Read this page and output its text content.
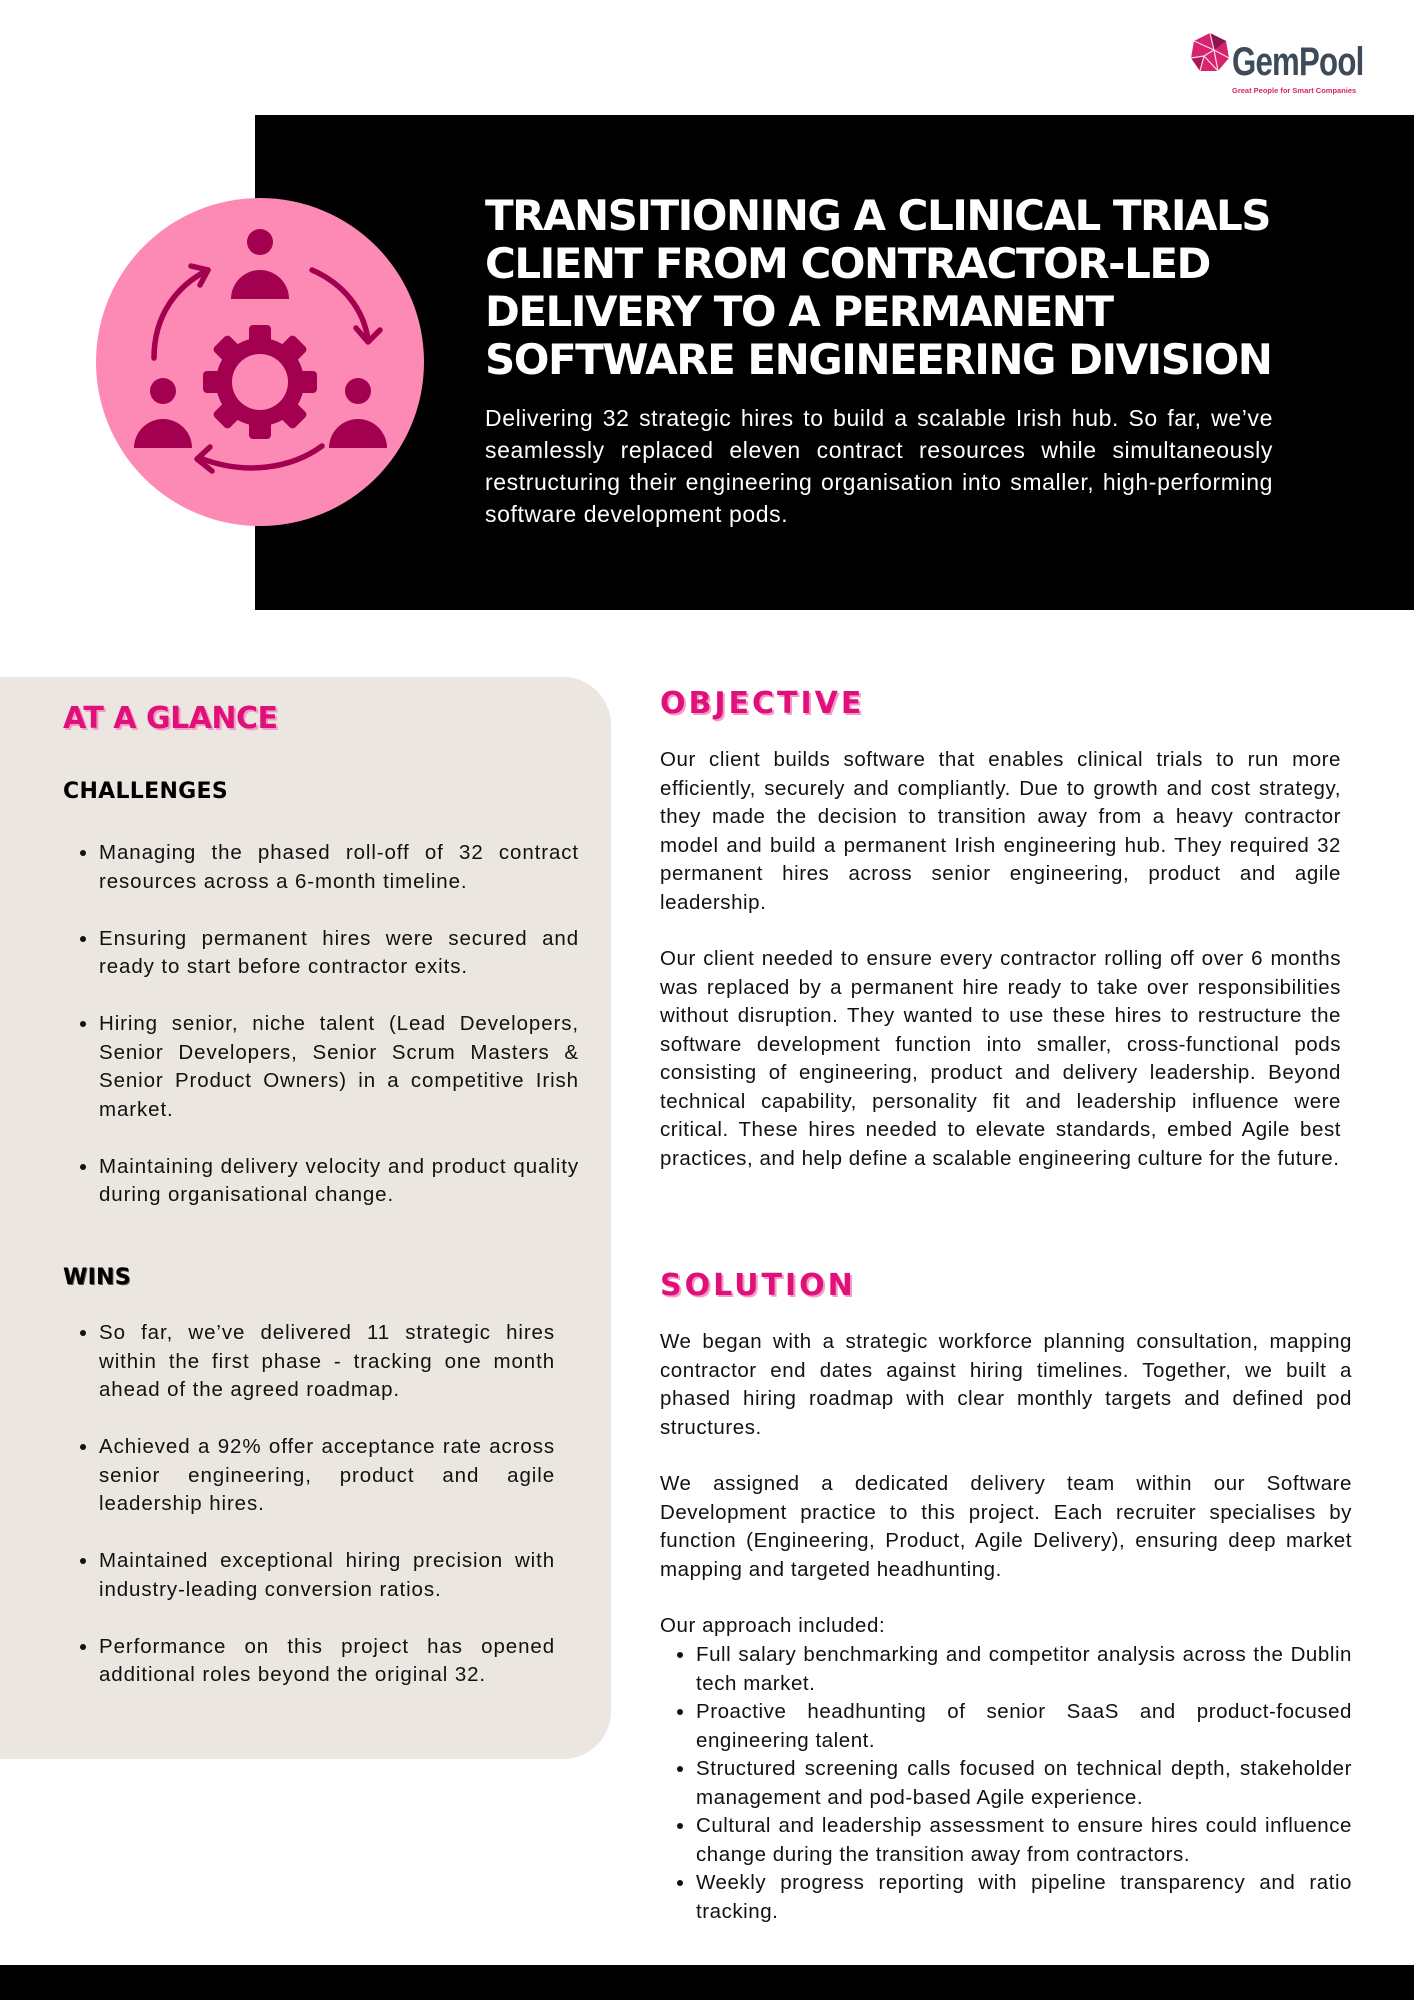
GemPool
Great People for Smart Companies
TRANSITIONING A CLINICAL TRIALS CLIENT FROM CONTRACTOR-LED DELIVERY TO A PERMANENT SOFTWARE ENGINEERING DIVISION

Delivering 32 strategic hires to build a scalable Irish hub. So far, we’ve seamlessly replaced eleven contract resources while simultaneously restructuring their engineering organisation into smaller, high-performing software development pods.

AT A GLANCE
CHALLENGES
• Managing the phased roll-off of 32 contract resources across a 6-month timeline.
• Ensuring permanent hires were secured and ready to start before contractor exits.
• Hiring senior, niche talent (Lead Developers, Senior Developers, Senior Scrum Masters & Senior Product Owners) in a competitive Irish market.
• Maintaining delivery velocity and product quality during organisational change.
WINS
• So far, we’ve delivered 11 strategic hires within the first phase - tracking one month ahead of the agreed roadmap.
• Achieved a 92% offer acceptance rate across senior engineering, product and agile leadership hires.
• Maintained exceptional hiring precision with industry-leading conversion ratios.
• Performance on this project has opened additional roles beyond the original 32.
OBJECTIVE

Our client builds software that enables clinical trials to run more efficiently, securely and compliantly. Due to growth and cost strategy, they made the decision to transition away from a heavy contractor model and build a permanent Irish engineering hub. They required 32 permanent hires across senior engineering, product and agile leadership.

Our client needed to ensure every contractor rolling off over 6 months was replaced by a permanent hire ready to take over responsibilities without disruption. They wanted to use these hires to restructure the software development function into smaller, cross-functional pods consisting of engineering, product and delivery leadership. Beyond technical capability, personality fit and leadership influence were critical. These hires needed to elevate standards, embed Agile best practices, and help define a scalable engineering culture for the future.

SOLUTION

We began with a strategic workforce planning consultation, mapping contractor end dates against hiring timelines. Together, we built a phased hiring roadmap with clear monthly targets and defined pod structures.

We assigned a dedicated delivery team within our Software Development practice to this project. Each recruiter specialises by function (Engineering, Product, Agile Delivery), ensuring deep market mapping and targeted headhunting.

Our approach included:

• Full salary benchmarking and competitor analysis across the Dublin tech market.
• Proactive headhunting of senior SaaS and product-focused engineering talent.
• Structured screening calls focused on technical depth, stakeholder management and pod-based Agile experience.
• Cultural and leadership assessment to ensure hires could influence change during the transition away from contractors.
• Weekly progress reporting with pipeline transparency and ratio tracking.
